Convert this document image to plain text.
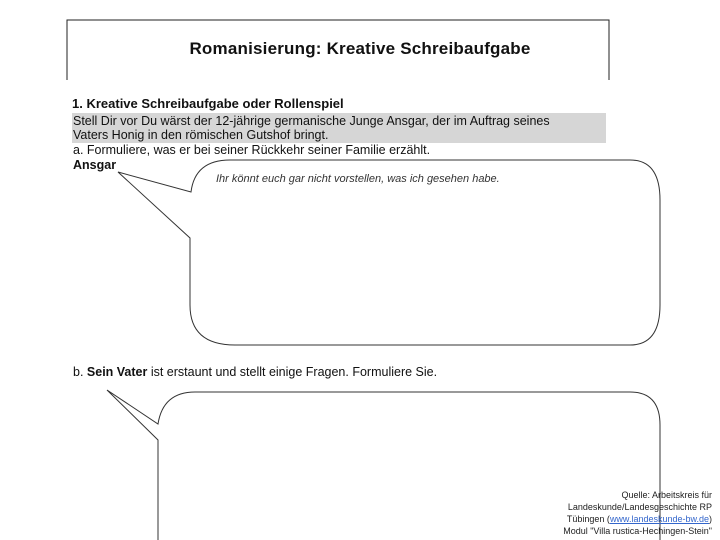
Romanisierung: Kreative Schreibaufgabe
1. Kreative Schreibaufgabe oder Rollenspiel
Stell Dir vor Du wärst der 12-jährige germanische Junge Ansgar, der im Auftrag seines
Vaters Honig in den römischen Gutshof bringt.
a. Formuliere, was er bei seiner Rückkehr seiner Familie erzählt.
Ansgar
Ihr könnt euch gar nicht vorstellen, was ich gesehen habe.
b. Sein Vater ist erstaunt und stellt einige Fragen. Formuliere Sie.
Quelle: Arbeitskreis für
Landeskunde/Landesgeschichte RP
Tübingen (www.landeskunde-bw.de)
Modul "Villa rustica-Hechingen-Stein"
